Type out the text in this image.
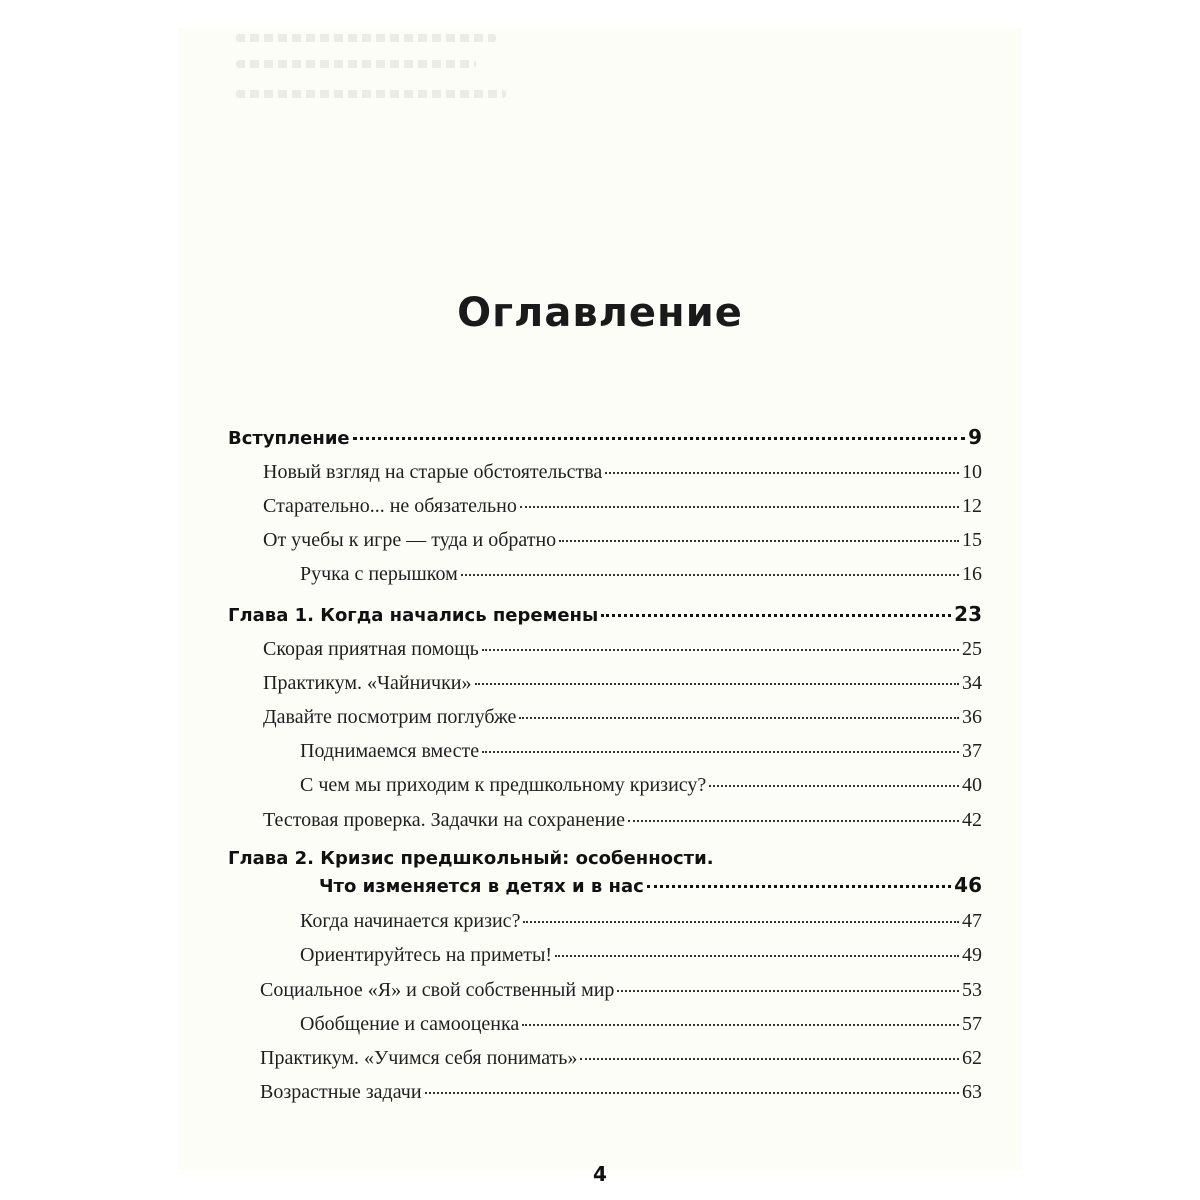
Оглавление
Вступление	9
Новый взгляд на старые обстоятельства	10
Старательно... не обязательно	12
От учебы к игре — туда и обратно	15
Ручка с перышком	16
Глава 1. Когда начались перемены	23
Скорая приятная помощь	25
Практикум. «Чайнички»	34
Давайте посмотрим поглубже	36
Поднимаемся вместе	37
С чем мы приходим к предшкольному кризису?	40
Тестовая проверка. Задачки на сохранение	42
Глава 2. Кризис предшкольный: особенности.
Что изменяется в детях и в нас	46
Когда начинается кризис?	47
Ориентируйтесь на приметы!	49
Социальное «Я» и свой собственный мир	53
Обобщение и самооценка	57
Практикум. «Учимся себя понимать»	62
Возрастные задачи	63
4
